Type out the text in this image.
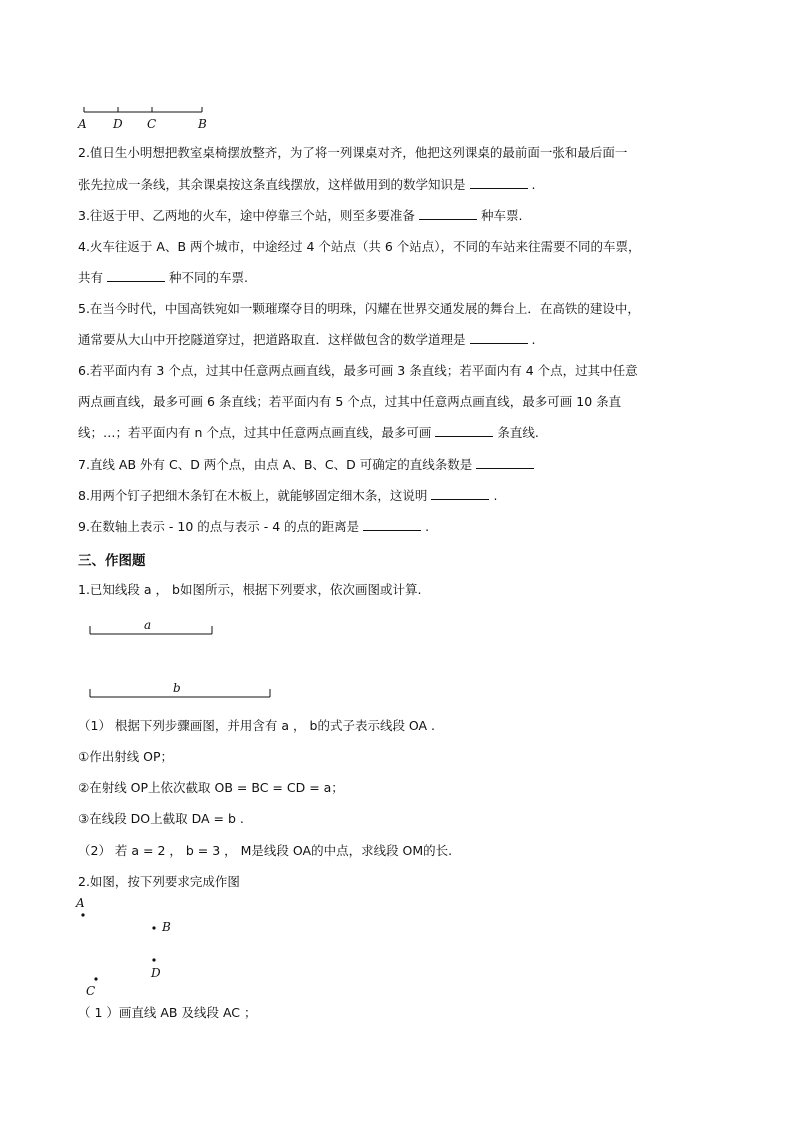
A D C	B
2.值日生小明想把教室桌椅摆放整齐，为了将一列课桌对齐，他把这列课桌的最前面一张和最后面一
张先拉成一条线，其余课桌按这条直线摆放，这样做用到的数学知识是	.
3.往返于甲、乙两地的火车，途中停靠三个站，则至多要准备	种车票.
4.火车往返于 A、B 两个城市，中途经过 4 个站点（共 6 个站点），不同的车站来往需要不同的车票，
共有	种不同的车票.
5.在当今时代，中国高铁宛如一颗璀璨夺目的明珠，闪耀在世界交通发展的舞台上．在高铁的建设中，
通常要从大山中开挖隧道穿过，把道路取直．这样做包含的数学道理是	.
6.若平面内有 3 个点，过其中任意两点画直线，最多可画 3 条直线；若平面内有 4 个点，过其中任意
两点画直线，最多可画 6 条直线；若平面内有 5 个点，过其中任意两点画直线，最多可画 10 条直
线；…；若平面内有 n 个点，过其中任意两点画直线，最多可画	条直线.
7.直线 AB 外有 C、D 两个点，由点 A、B、C、D 可确定的直线条数是
8.用两个钉子把细木条钉在木板上，就能够固定细木条，这说明	.
9.在数轴上表示 - 10 的点与表示 - 4 的点的距离是	.
三、作图题
1.已知线段 a ， b如图所示，根据下列要求，依次画图或计算.
a
b
（1） 根据下列步骤画图，并用含有 a ， b的式子表示线段 OA .
①作出射线 OP；
②在射线 OP上依次截取 OB = BC = CD = a；
③在线段 DO上截取 DA = b .
（2） 若 a = 2 ， b = 3 ， M是线段 OA的中点，求线段 OM的长.
2.如图，按下列要求完成作图
A
B
D
C
（ 1 ）画直线 AB 及线段 AC ；
